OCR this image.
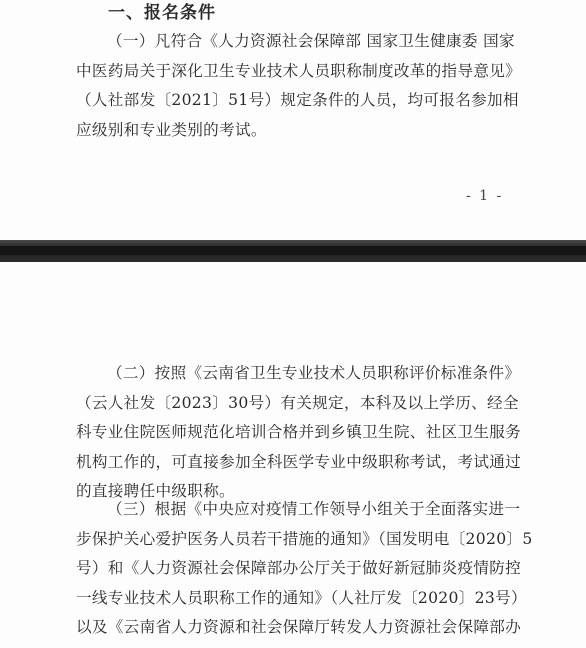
一、报名条件

（一）凡符合《人力资源社会保障部 国家卫生健康委 国家
中医药局关于深化卫生专业技术人员职称制度改革的指导意见》
（人社部发〔2021〕51号）规定条件的人员，均可报名参加相
应级别和专业类别的考试。

- 1 -

（二）按照《云南省卫生专业技术人员职称评价标准条件》
（云人社发〔2023〕30号）有关规定，本科及以上学历、经全
科专业住院医师规范化培训合格并到乡镇卫生院、社区卫生服务
机构工作的，可直接参加全科医学专业中级职称考试，考试通过
的直接聘任中级职称。

（三）根据《中央应对疫情工作领导小组关于全面落实进一
步保护关心爱护医务人员若干措施的通知》（国发明电〔2020〕5
号）和《人力资源社会保障部办公厅关于做好新冠肺炎疫情防控
一线专业技术人员职称工作的通知》（人社厅发〔2020〕23号）
以及《云南省人力资源和社会保障厅转发人力资源社会保障部办
